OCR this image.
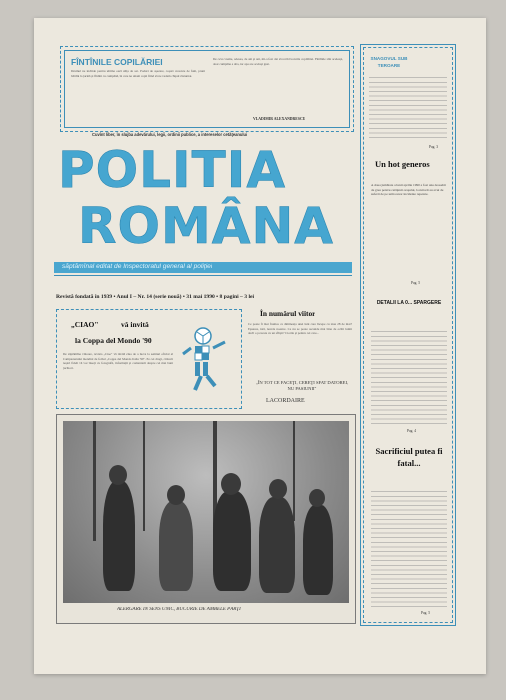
FÎNTÎNILE COPILĂRIEI
Drumul ne inchide pentru ultima oară uliţa de sat. Poduri de aşezare, coşuri crescute de fum, pruni bătrîni la ţarină şi fîntîni cu cumpănă, în care ne uitam copii fiind să ne vedem chipul răsturnat.
De ceva vreme, adesea, de ani şi ani, mi-a fost dat să revăd locurile copilăriei. Fîntînile sînt aceleaşi, doar cumpăna e alta, iar apa are acelaşi gust.
VLADIMIR ALEXANDRESCU
Cuvînt liber, în slujba adevărului, legii, ordinii publice, a intereselor cetăţeanului
POLITIA
ROMÂNA
săptămînal editat de Inspectoratul general al poliţiei
Revistă fondată în 1939 • Anul I – Nr. 14 (serie nouă) • 31 mai 1990 • 8 pagini – 3 lei
„CIAO"	vă invită
la Coppa del Mondo '90
De săptămîna viitoare, revista „Ciao" vă invită ziua de a lucra la semnul oficial al Campionatului mondial de fotbal „Coppa del Mondo Italia '90". Pe cei dragi, cititorii noştri fideli vă vor însoţi cu fotografii, informaţii şi comentarii despre cei mai buni jucători.
În numărul viitor
Ce poate fi mai frumos ca dimineaţa unei luni care începe cu ziua 28 de mai? Eşuarea, iată, navele noastre. Ce nu se poate ascunde mai bine de ochii lumii decît o poveste cu un sfîrşit? Ciorile şi pentru cei care...
„ÎN TOT CE FACEŢI, CEREŢI SFAT DATOREI, NU PASIUNII"
LACORDAIRE
ALERGARE ÎN SENS UNIC, BUCURIE DE AMBELE PĂRŢI
SNAGOVUL SUB TEROARE
Pag. 3
Un hot generos
A doua jumătate a lunii aprilie 1990 a fost una deosebit de grea pentru cetăţenii oraşului, locuitorii au avut de suferit de pe urma unor incidente repetate.
Pag. 5
DETALII LA 0... SPARGERE
Pag. 4
Sacrificiul putea fi fatal...
Pag. 5
